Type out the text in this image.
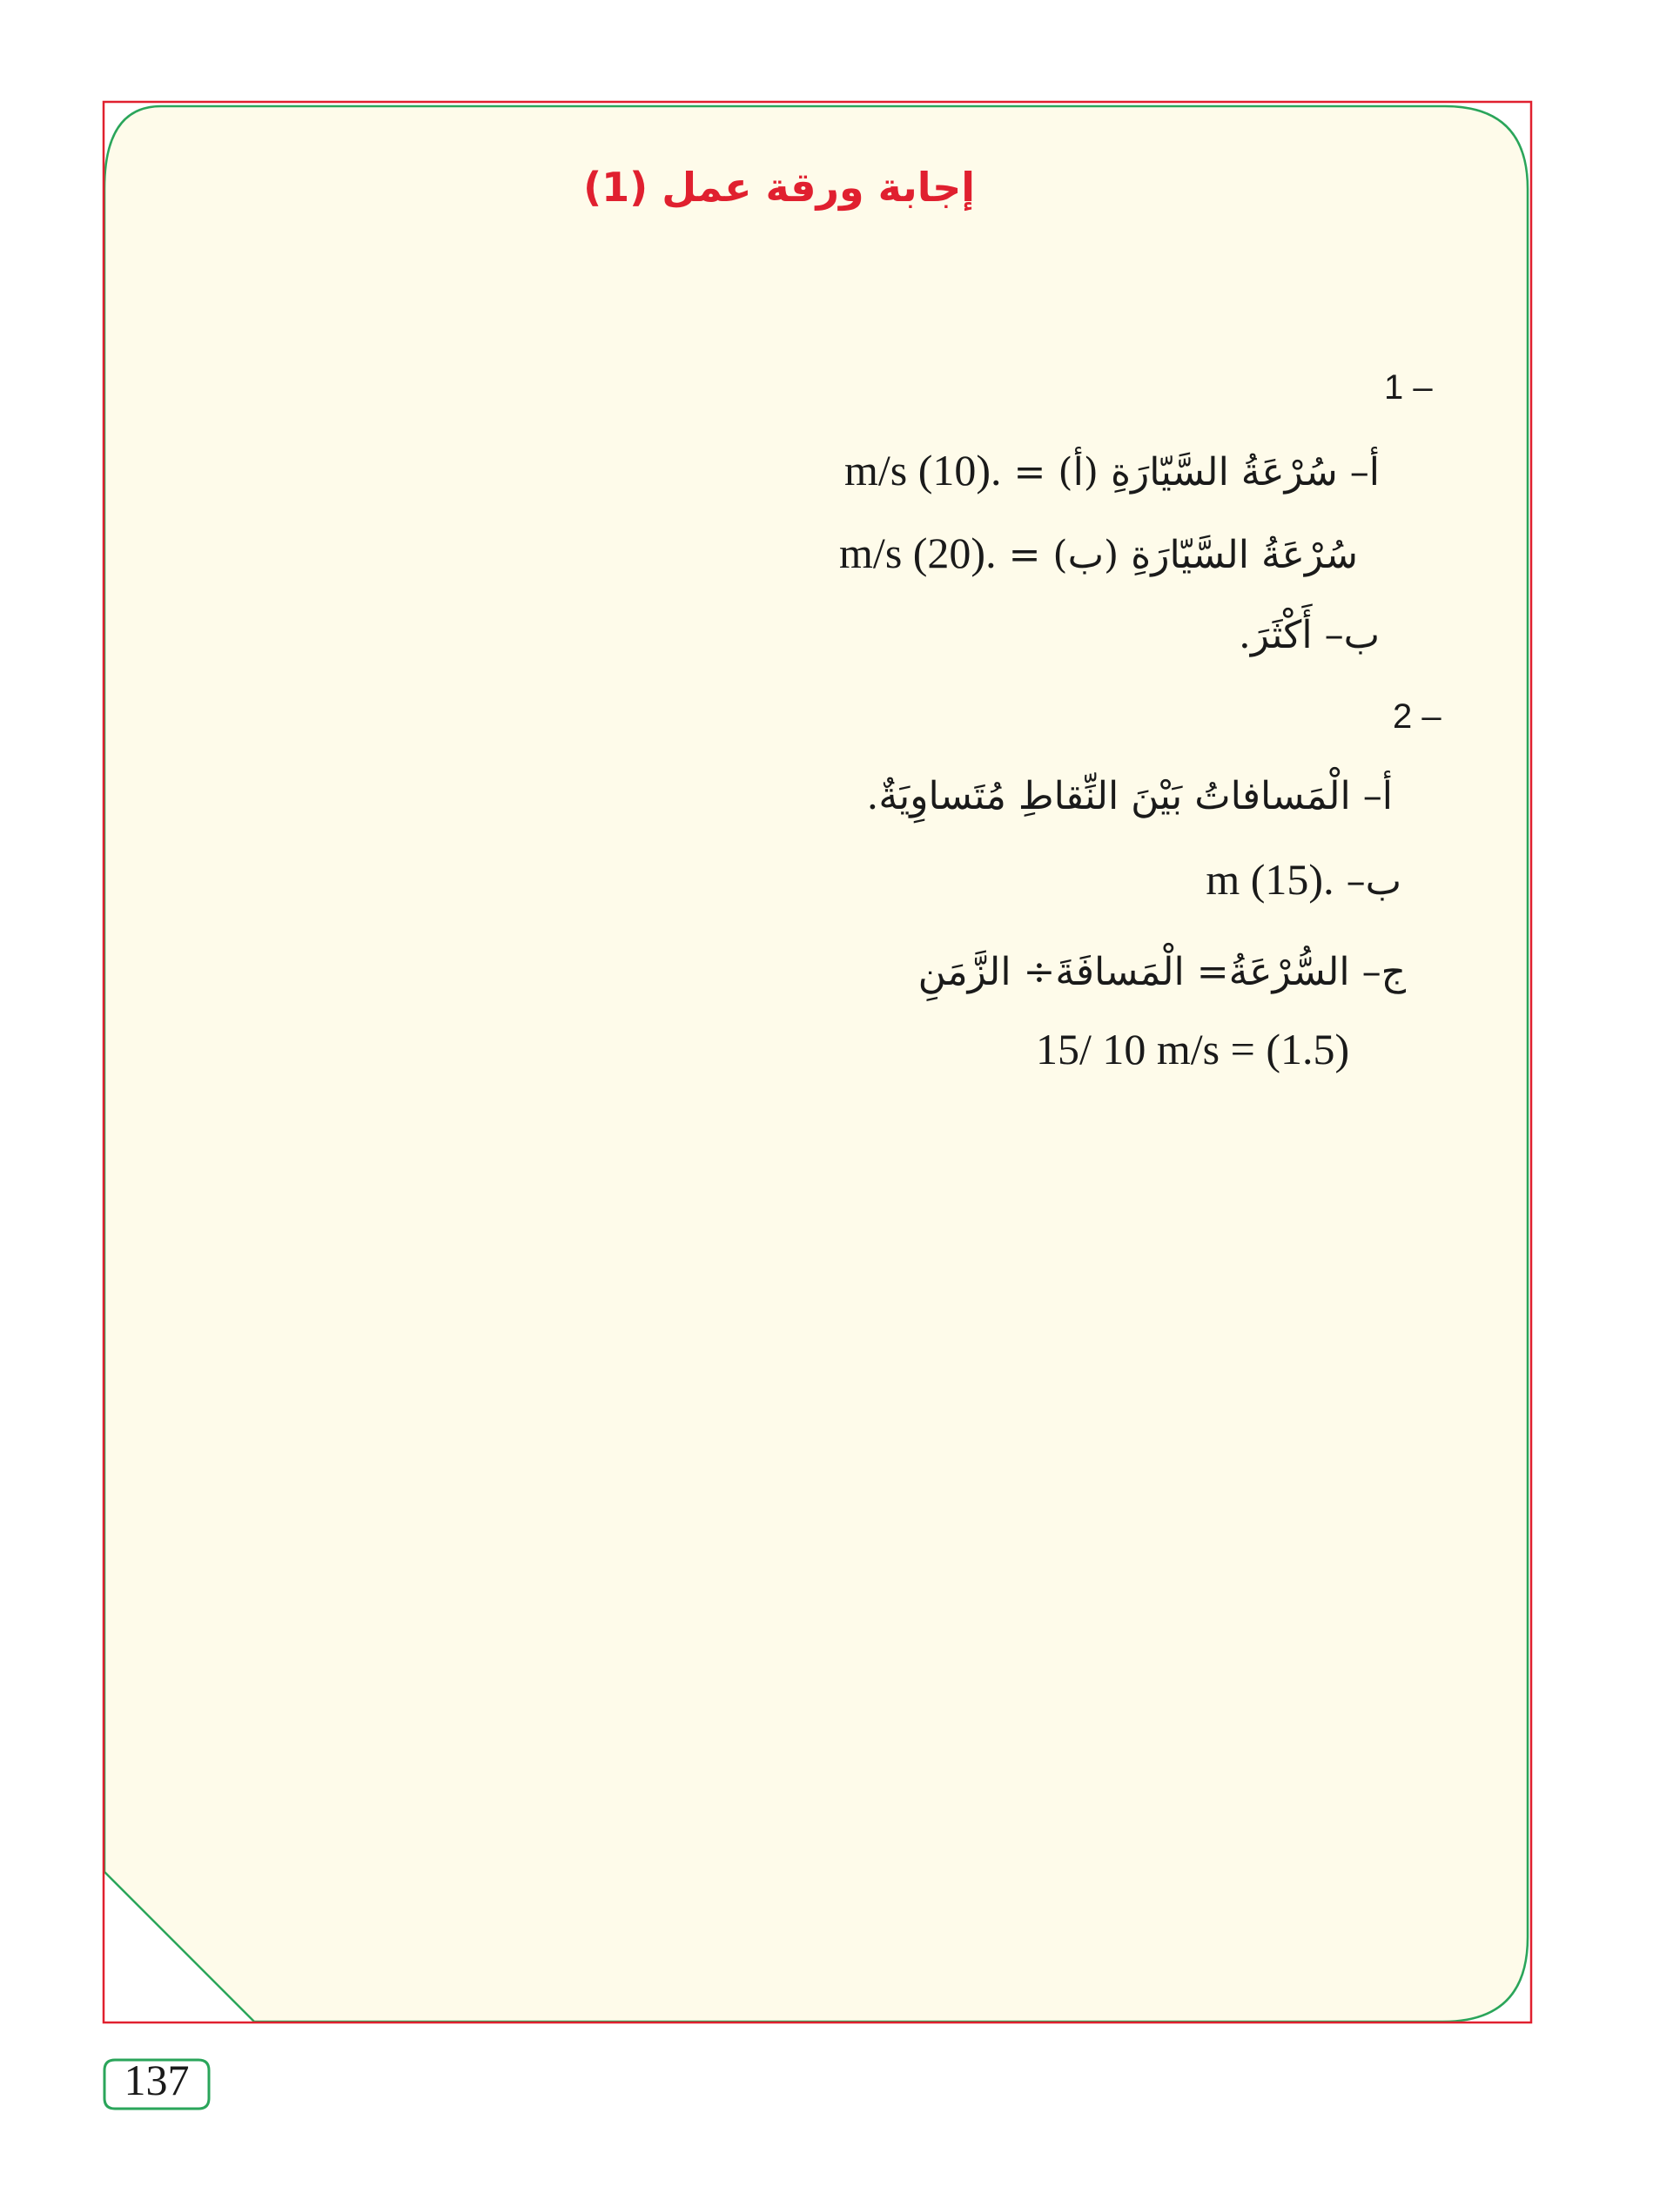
إجابة ورقة عمل (1)
1 –
أ– سُرْعَةُ السَّيّارَةِ (أ) = m/s (10).
سُرْعَةُ السَّيّارَةِ (ب) = m/s (20).
ب– أَكْثَرَ.
2 –
أ– الْمَسافاتُ بَيْنَ النِّقاطِ مُتَساوِيَةٌ.
ب– m (15).
ج– السُّرْعَةُ= الْمَسافَةَ÷ الزَّمَنِ
15/ 10 m/s = (1.5)
137
